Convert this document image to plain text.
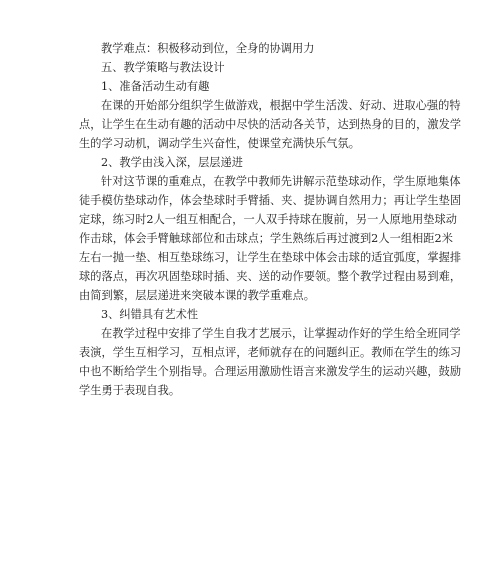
教学难点：积极移动到位，全身的协调用力

五、教学策略与教法设计

1、准备活动生动有趣

在课的开始部分组织学生做游戏，根据中学生活泼、好动、进取心强的特

点，让学生在生动有趣的活动中尽快的活动各关节，达到热身的目的，激发学

生的学习动机，调动学生兴奋性，使课堂充满快乐气氛。

2、教学由浅入深，层层递进

针对这节课的重难点，在教学中教师先讲解示范垫球动作，学生原地集体

徒手模仿垫球动作，体会垫球时手臂插、夹、提协调自然用力；再让学生垫固

定球，练习时2人一组互相配合，一人双手持球在腹前，另一人原地用垫球动

作击球，体会手臂触球部位和击球点；学生熟练后再过渡到2人一组相距2米

左右一抛一垫、相互垫球练习，让学生在垫球中体会击球的适宜弧度，掌握排

球的落点，再次巩固垫球时插、夹、送的动作要领。整个教学过程由易到难，

由简到繁，层层递进来突破本课的教学重难点。

3、纠错具有艺术性

在教学过程中安排了学生自我才艺展示，让掌握动作好的学生给全班同学

表演，学生互相学习，互相点评，老师就存在的问题纠正。教师在学生的练习

中也不断给学生个别指导。合理运用激励性语言来激发学生的运动兴趣，鼓励

学生勇于表现自我。
